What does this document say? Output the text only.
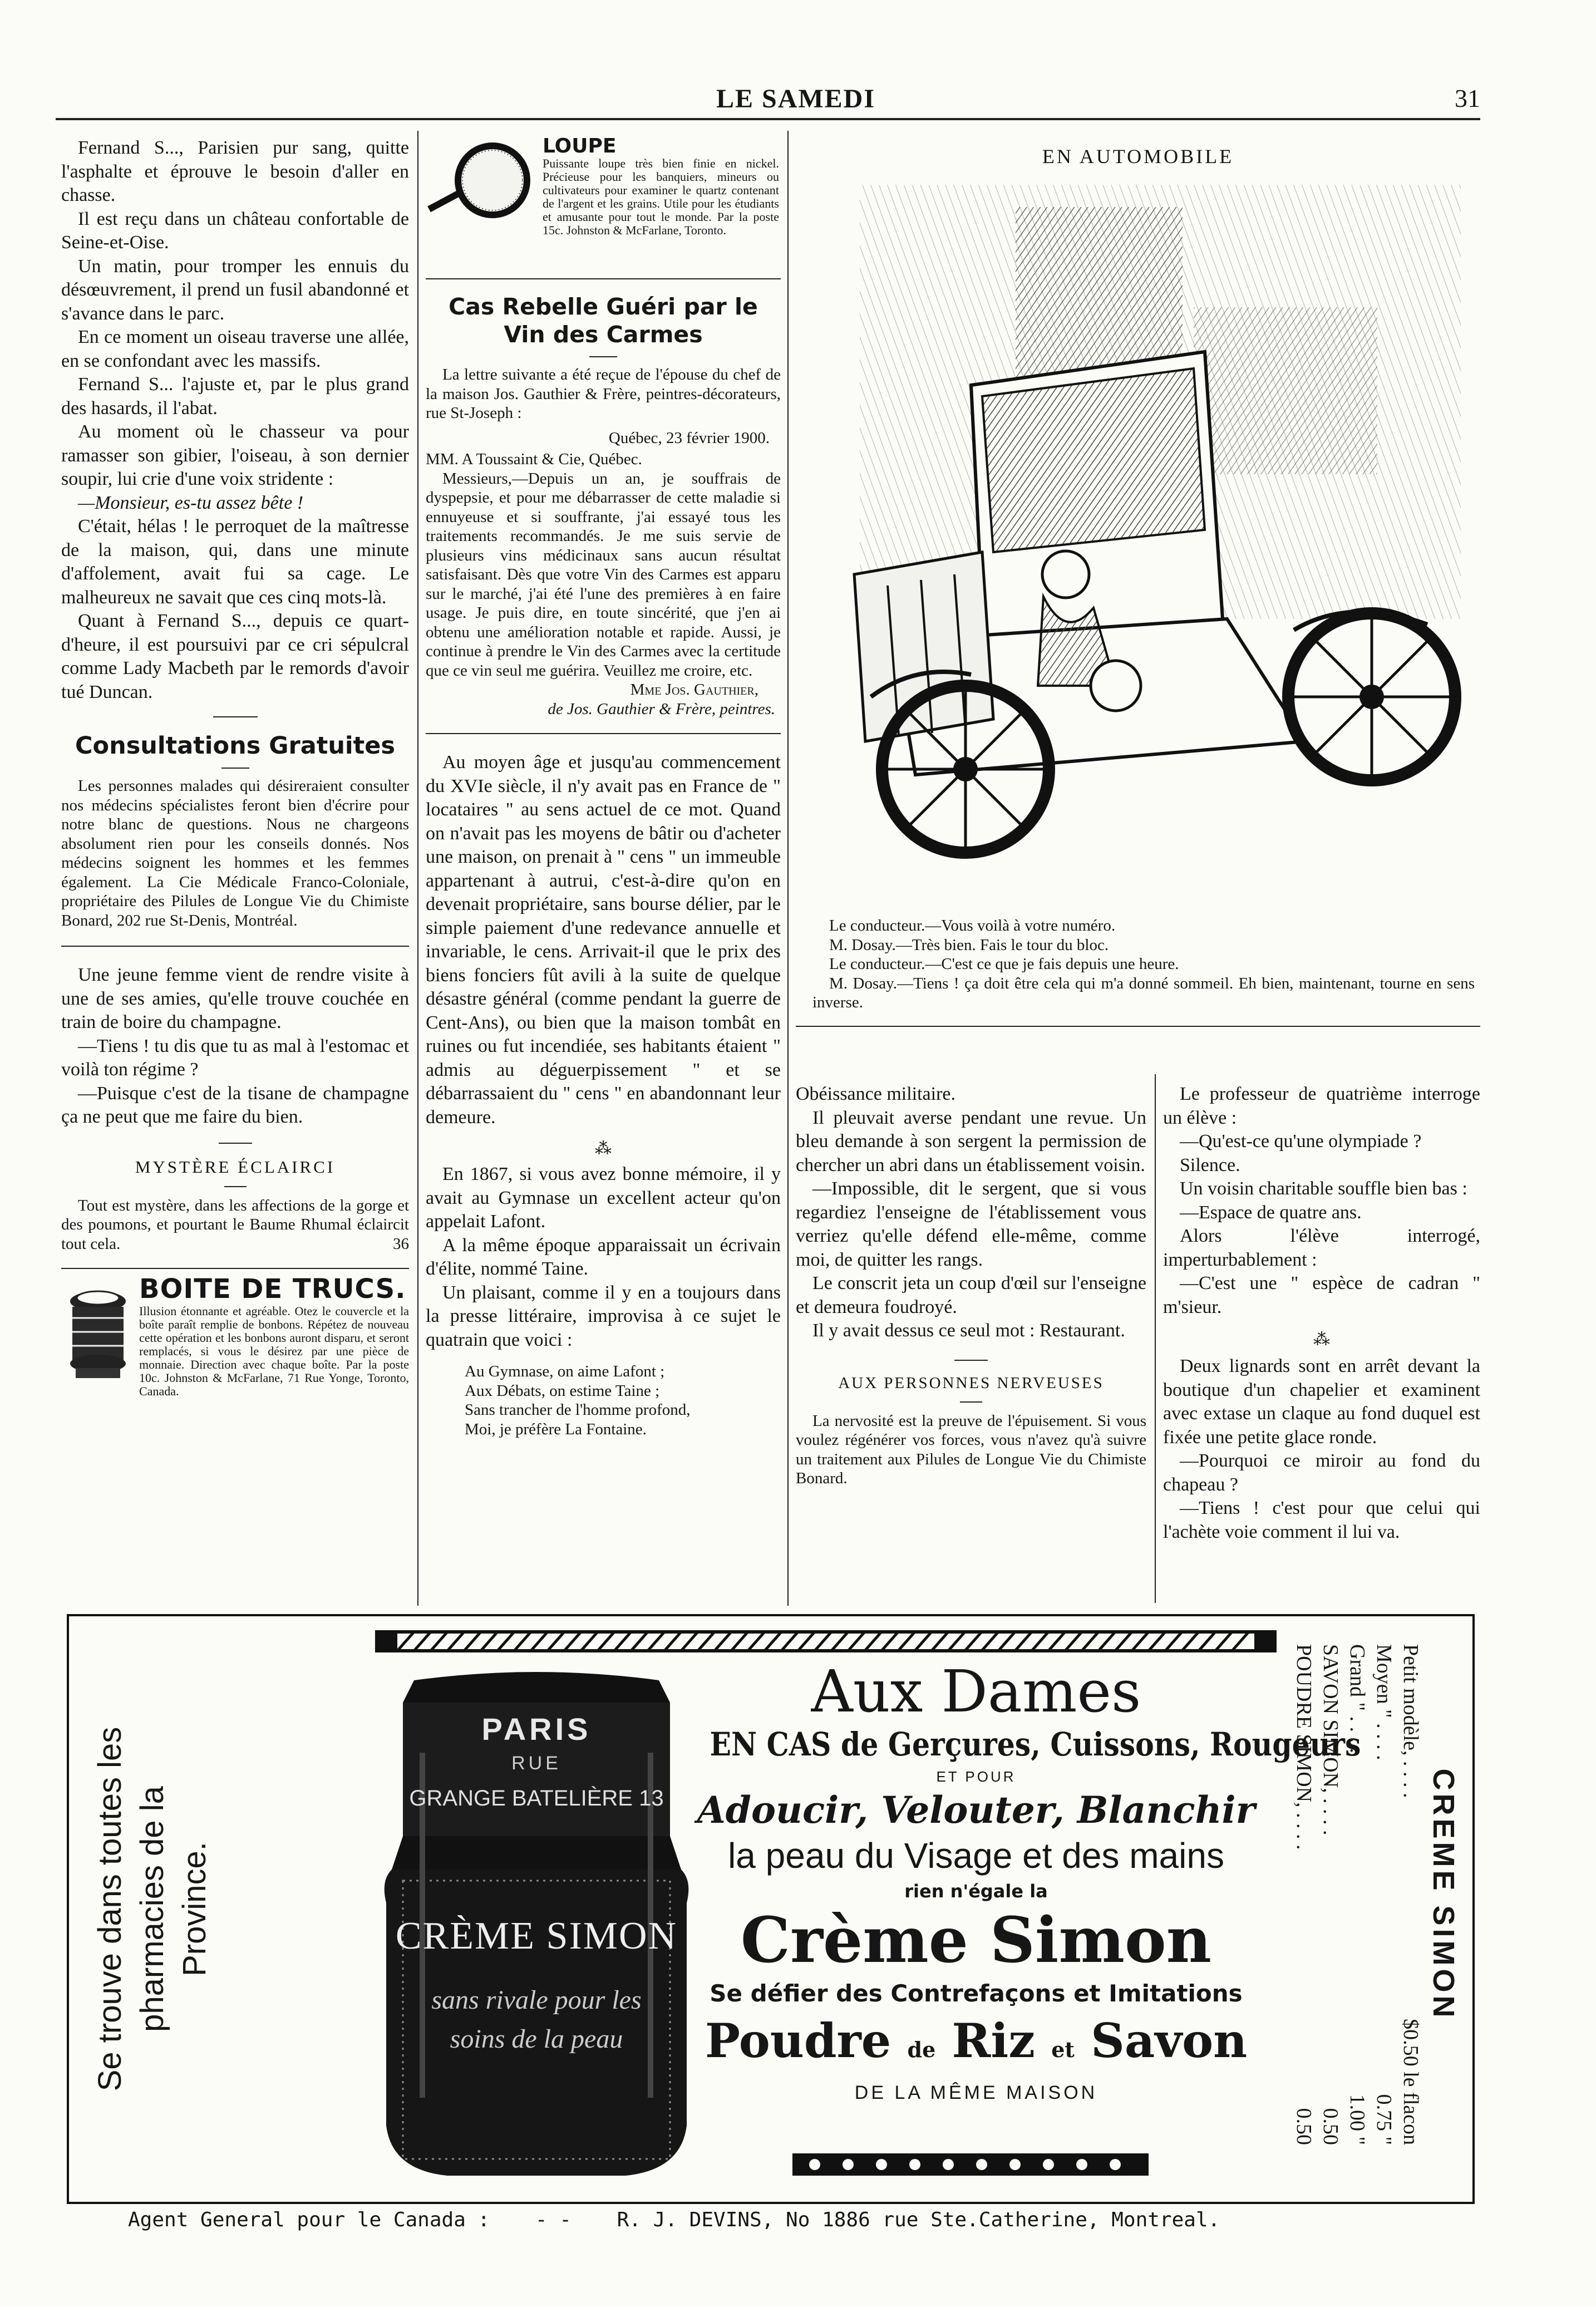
LE SAMEDI	31

Fernand S..., Parisien pur sang, quitte l'asphalte et éprouve le besoin d'aller en chasse.

Il est reçu dans un château confortable de Seine-et-Oise.

Un matin, pour tromper les ennuis du désœuvrement, il prend un fusil abandonné et s'avance dans le parc.

En ce moment un oiseau traverse une allée, en se confondant avec les massifs.

Fernand S... l'ajuste et, par le plus grand des hasards, il l'abat.

Au moment où le chasseur va pour ramasser son gibier, l'oiseau, à son dernier soupir, lui crie d'une voix stridente :

—Monsieur, es-tu assez bête !

C'était, hélas ! le perroquet de la maîtresse de la maison, qui, dans une minute d'affolement, avait fui sa cage. Le malheureux ne savait que ces cinq mots-là.

Quant à Fernand S..., depuis ce quart-d'heure, il est poursuivi par ce cri sépulcral comme Lady Macbeth par le remords d'avoir tué Duncan.

Consultations Gratuites

Les personnes malades qui désireraient consulter nos médecins spécialistes feront bien d'écrire pour notre blanc de questions. Nous ne chargeons absolument rien pour les conseils donnés. Nos médecins soignent les hommes et les femmes également. La Cie Médicale Franco-Coloniale, propriétaire des Pilules de Longue Vie du Chimiste Bonard, 202 rue St-Denis, Montréal.

Une jeune femme vient de rendre visite à une de ses amies, qu'elle trouve couchée en train de boire du champagne.

—Tiens ! tu dis que tu as mal à l'estomac et voilà ton régime ?

—Puisque c'est de la tisane de champagne ça ne peut que me faire du bien.

MYSTÈRE ÉCLAIRCI

Tout est mystère, dans les affections de la gorge et des poumons, et pourtant le Baume Rhumal éclaircit tout cela.	36

BOITE DE TRUCS.

Illusion étonnante et agréable. Otez le couvercle et la boîte paraît remplie de bonbons. Répétez de nouveau cette opération et les bonbons auront disparu, et seront remplacés, si vous le désirez par une pièce de monnaie. Direction avec chaque boîte. Par la poste 10c. Johnston & McFarlane, 71 Rue Yonge, Toronto, Canada.

LOUPE

Puissante loupe très bien finie en nickel. Précieuse pour les banquiers, mineurs ou cultivateurs pour examiner le quartz contenant de l'argent et les grains. Utile pour les étudiants et amusante pour tout le monde. Par la poste 15c. Johnston & McFarlane, Toronto.

Cas Rebelle Guéri par le Vin des Carmes

La lettre suivante a été reçue de l'épouse du chef de la maison Jos. Gauthier & Frère, peintres-décorateurs, rue St-Joseph :

Québec, 23 février 1900.

MM. A Toussaint & Cie, Québec.

Messieurs,—Depuis un an, je souffrais de dyspepsie, et pour me débarrasser de cette maladie si ennuyeuse et si souffrante, j'ai essayé tous les traitements recommandés. Je me suis servie de plusieurs vins médicinaux sans aucun résultat satisfaisant. Dès que votre Vin des Carmes est apparu sur le marché, j'ai été l'une des premières à en faire usage. Je puis dire, en toute sincérité, que j'en ai obtenu une amélioration notable et rapide. Aussi, je continue à prendre le Vin des Carmes avec la certitude que ce vin seul me guérira. Veuillez me croire, etc.

Mme Jos. Gauthier,

de Jos. Gauthier & Frère, peintres.

Au moyen âge et jusqu'au commencement du XVIe siècle, il n'y avait pas en France de " locataires " au sens actuel de ce mot. Quand on n'avait pas les moyens de bâtir ou d'acheter une maison, on prenait à " cens " un immeuble appartenant à autrui, c'est-à-dire qu'on en devenait propriétaire, sans bourse délier, par le simple paiement d'une redevance annuelle et invariable, le cens. Arrivait-il que le prix des biens fonciers fût avili à la suite de quelque désastre général (comme pendant la guerre de Cent-Ans), ou bien que la maison tombât en ruines ou fut incendiée, ses habitants étaient " admis au déguerpissement " et se débarrassaient du " cens " en abandonnant leur demeure.

⁂

En 1867, si vous avez bonne mémoire, il y avait au Gymnase un excellent acteur qu'on appelait Lafont.

A la même époque apparaissait un écrivain d'élite, nommé Taine.

Un plaisant, comme il y en a toujours dans la presse littéraire, improvisa à ce sujet le quatrain que voici :

Au Gymnase, on aime Lafont ;

Aux Débats, on estime Taine ;

Sans trancher de l'homme profond,

Moi, je préfère La Fontaine.

EN AUTOMOBILE

Le conducteur.—Vous voilà à votre numéro.

M. Dosay.—Très bien. Fais le tour du bloc.

Le conducteur.—C'est ce que je fais depuis une heure.

M. Dosay.—Tiens ! ça doit être cela qui m'a donné sommeil. Eh bien, maintenant, tourne en sens inverse.

Obéissance militaire.

Il pleuvait averse pendant une revue. Un bleu demande à son sergent la permission de chercher un abri dans un établissement voisin.

—Impossible, dit le sergent, que si vous regardiez l'enseigne de l'établissement vous verriez qu'elle défend elle-même, comme moi, de quitter les rangs.

Le conscrit jeta un coup d'œil sur l'enseigne et demeura foudroyé.

Il y avait dessus ce seul mot : Restaurant.

AUX PERSONNES NERVEUSES

La nervosité est la preuve de l'épuisement. Si vous voulez régénérer vos forces, vous n'avez qu'à suivre un traitement aux Pilules de Longue Vie du Chimiste Bonard.

Le professeur de quatrième interroge un élève :

—Qu'est-ce qu'une olympiade ?

Silence.

Un voisin charitable souffle bien bas :

—Espace de quatre ans.

Alors l'élève interrogé, imperturbablement :

—C'est une " espèce de cadran " m'sieur.

⁂

Deux lignards sont en arrêt devant la boutique d'un chapelier et examinent avec extase un claque au fond duquel est fixée une petite glace ronde.

—Pourquoi ce miroir au fond du chapeau ?

—Tiens ! c'est pour que celui qui l'achète voie comment il lui va.

Se trouve dans toutes les pharmacies de la Province.
PARIS
RUE
GRANGE BATELIÈRE 13
CRÈME SIMON
sans rivale pour les soins de la peau
Aux Dames
EN CAS de Gerçures, Cuissons, Rougeurs
ET POUR
Adoucir, Velouter, Blanchir
la peau du Visage et des mains
rien n'égale la
Crème Simon
Se défier des Contrefaçons et Imitations
Poudre de Riz et Savon
DE LA MÊME MAISON
CREME SIMON
Petit modèle, . . . .
$0.50 le flacon
Moyen " . . . .
0.75 "
Grand " . . . .
1.00 "
SAVON SIMON, . . . .
0.50
POUDRE SIMON, . . . .
0.50
Agent General pour le Canada : - - R. J. DEVINS, No 1886 rue Ste.Catherine, Montreal.
